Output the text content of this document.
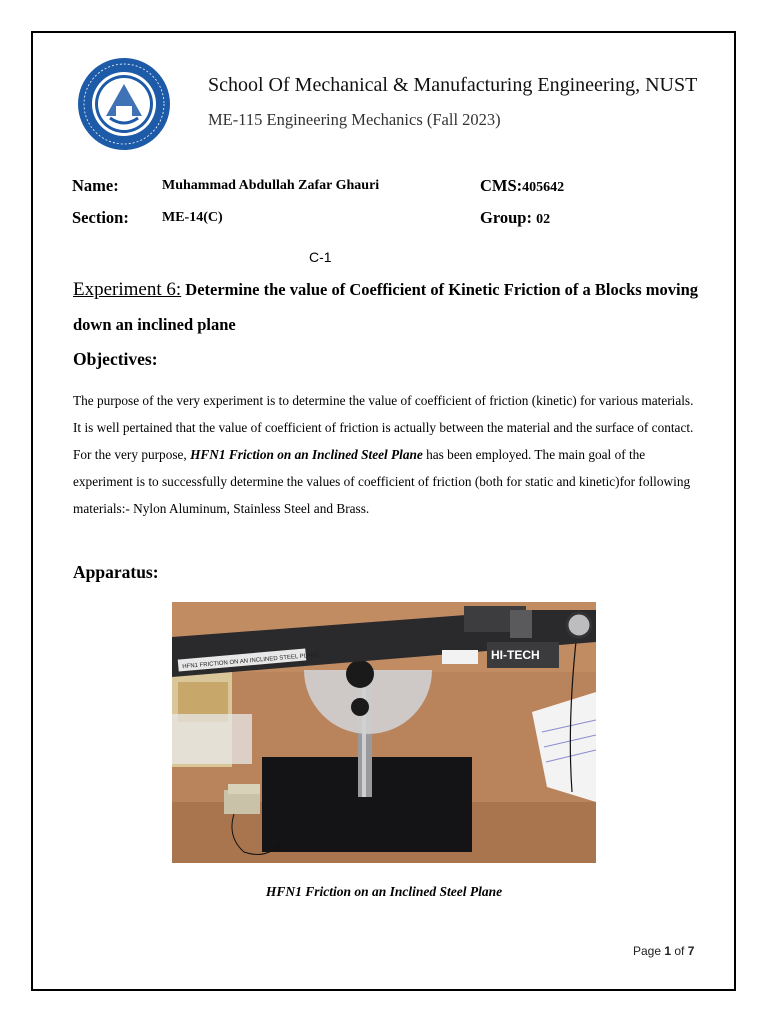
School Of Mechanical & Manufacturing Engineering, NUST
ME-115 Engineering Mechanics (Fall 2023)
Name:	Muhammad Abdullah Zafar Ghauri	CMS:405642
Section: ME-14(C)	Group: 02
C-1
Experiment 6: Determine the value of Coefficient of Kinetic Friction of a Blocks moving down an inclined plane
Objectives:
The purpose of the very experiment is to determine the value of coefficient of friction (kinetic) for various materials. It is well pertained that the value of coefficient of friction is actually between the material and the surface of contact. For the very purpose, HFN1 Friction on an Inclined Steel Plane has been employed. The main goal of the experiment is to successfully determine the values of coefficient of friction (both for static and kinetic)for following materials:- Nylon Aluminum, Stainless Steel and Brass.
Apparatus:
HFN1 FRICTION ON AN INCLINED STEEL PLANE	HI-TECH
HFN1 Friction on an Inclined Steel Plane
Page 1 of 7
